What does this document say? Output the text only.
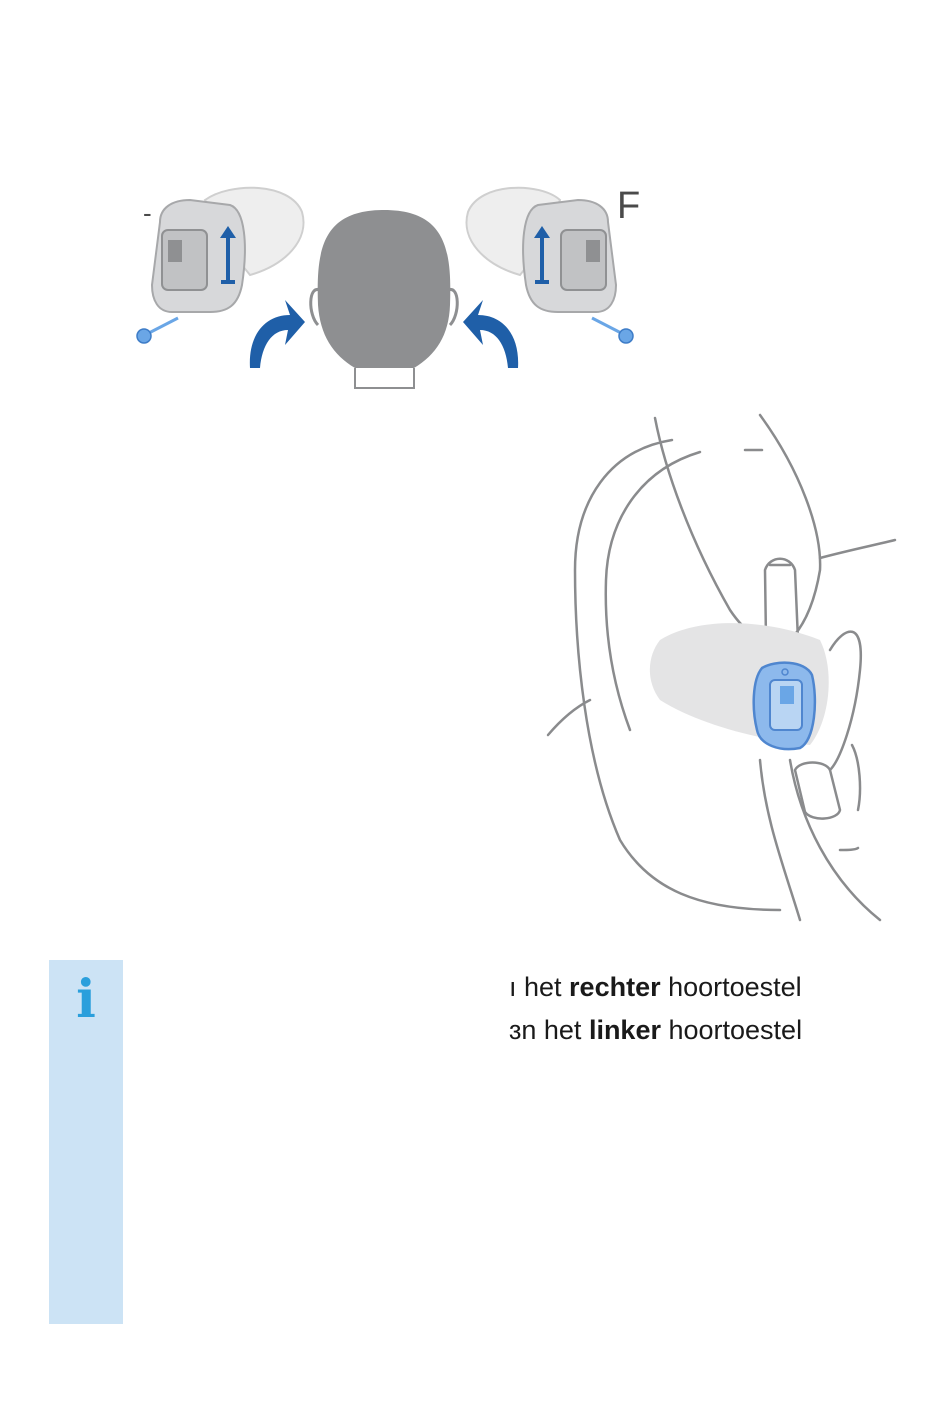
-	F
i	ı het rechter hoortoestel
ɜn het linker hoortoestel
